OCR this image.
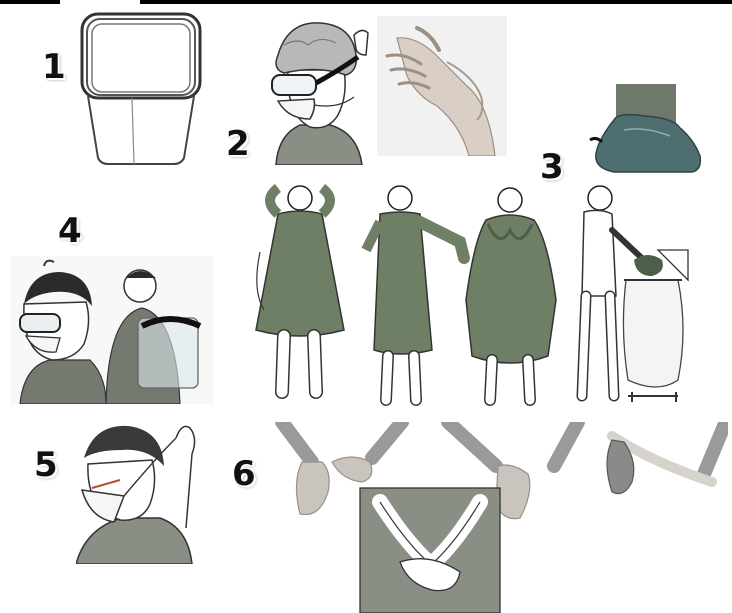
1
2
3
4
5	6
